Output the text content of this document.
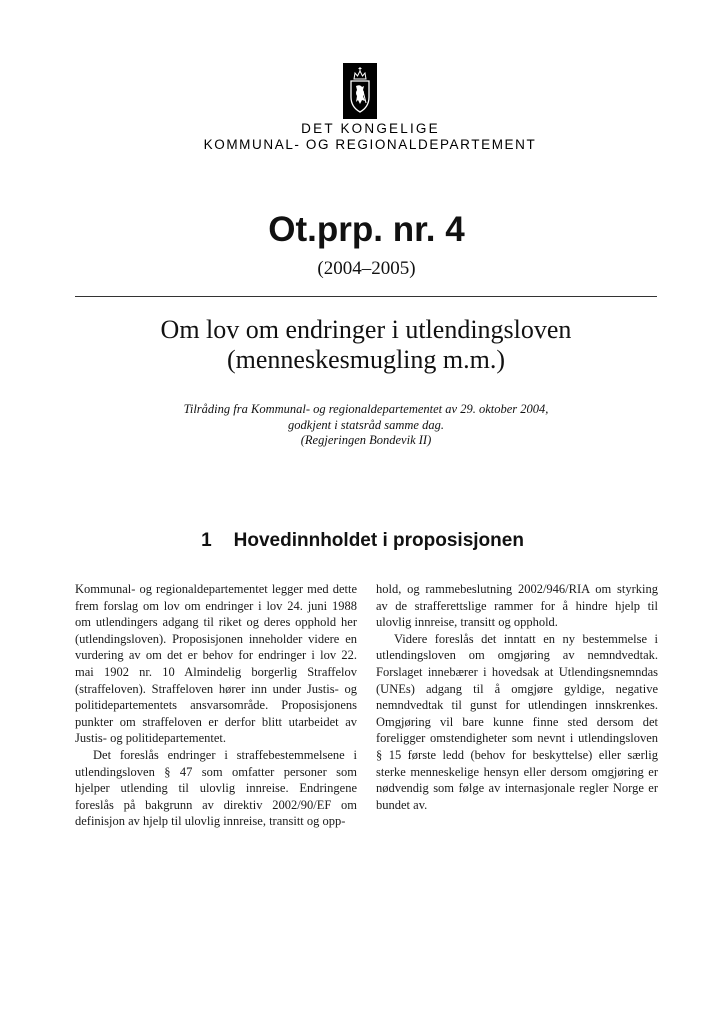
DET KONGELIGE
KOMMUNAL- OG REGIONALDEPARTEMENT
Ot.prp. nr. 4
(2004–2005)
Om lov om endringer i utlendingsloven
(menneskesmugling m.m.)
Tilråding fra Kommunal- og regionaldepartementet av 29. oktober 2004,
godkjent i statsråd samme dag.
(Regjeringen Bondevik II)
1 Hovedinnholdet i proposisjonen

Kommunal- og regionaldepartementet legger med dette frem forslag om lov om endringer i lov 24. juni 1988 om utlendingers adgang til riket og deres opphold her (utlendingsloven). Proposisjonen inneholder videre en vurdering av om det er behov for endringer i lov 22. mai 1902 nr. 10 Almindelig borgerlig Straffelov (straffeloven). Straffeloven hører inn under Justis- og politidepartementets ansvarsområde. Proposisjonens punkter om straffeloven er derfor blitt utarbeidet av Justis- og politidepartementet.

Det foreslås endringer i straffebestemmelsene i utlendingsloven § 47 som omfatter personer som hjelper utlending til ulovlig innreise. Endringene foreslås på bakgrunn av direktiv 2002/90/EF om definisjon av hjelp til ulovlig innreise, transitt og opp-

hold, og rammebeslutning 2002/946/RIA om styrking av de strafferettslige rammer for å hindre hjelp til ulovlig innreise, transitt og opphold.

Videre foreslås det inntatt en ny bestemmelse i utlendingsloven om omgjøring av nemndvedtak. Forslaget innebærer i hovedsak at Utlendingsnemndas (UNEs) adgang til å omgjøre gyldige, negative nemndvedtak til gunst for utlendingen innskrenkes. Omgjøring vil bare kunne finne sted dersom det foreligger omstendigheter som nevnt i utlendingsloven § 15 første ledd (behov for beskyttelse) eller særlig sterke menneskelige hensyn eller dersom omgjøring er nødvendig som følge av internasjonale regler Norge er bundet av.
